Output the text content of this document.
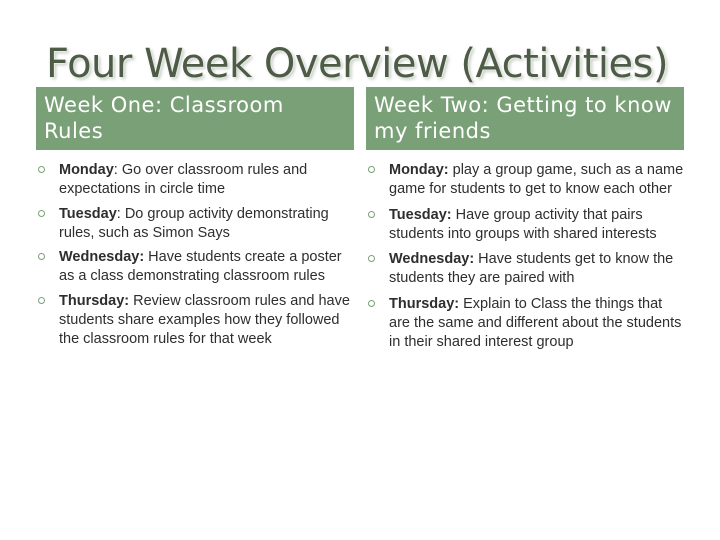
Four Week Overview (Activities)
Week One: Classroom Rules
Week Two: Getting to know my friends
Monday: Go over classroom rules and expectations in circle time
Tuesday: Do group activity demonstrating rules, such as Simon Says
Wednesday: Have students create a poster as a class demonstrating classroom rules
Thursday: Review classroom rules and have students share examples how they followed the classroom rules for that week
Monday: play a group game, such as a name game for students to get to know each other
Tuesday: Have group activity that pairs students into groups with shared interests
Wednesday: Have students get to know the students they are paired with
Thursday: Explain to Class the things that are the same and different about the students in their shared interest group
